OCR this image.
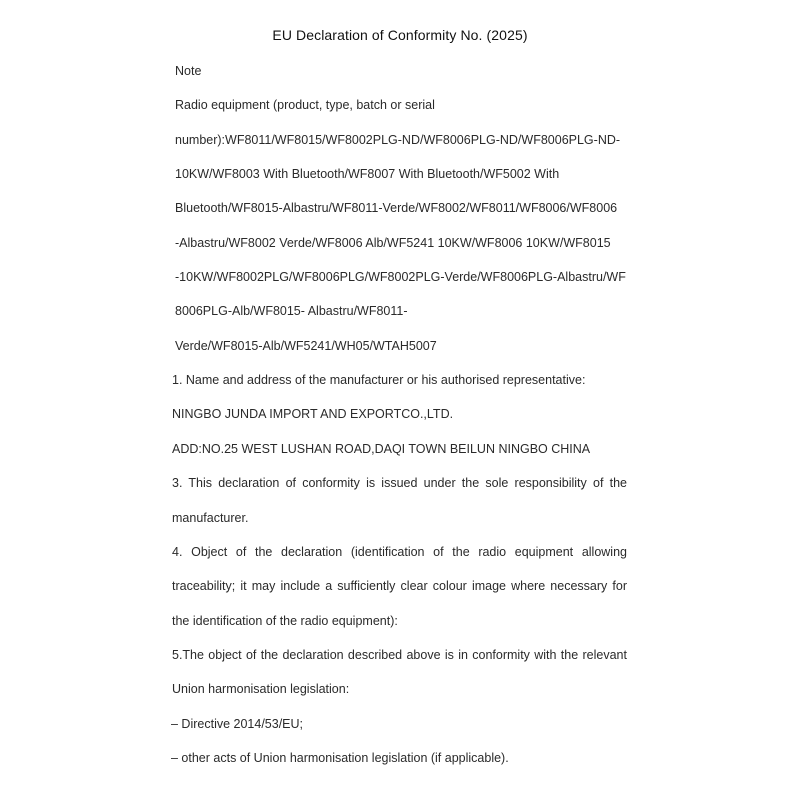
EU Declaration of Conformity No. (2025)
Note
Radio equipment (product, type, batch or serial
number):WF8011/WF8015/WF8002PLG-ND/WF8006PLG-ND/WF8006PLG-ND-
10KW/WF8003 With Bluetooth/WF8007 With Bluetooth/WF5002 With
Bluetooth/WF8015-Albastru/WF8011-Verde/WF8002/WF8011/WF8006/WF8006
-Albastru/WF8002 Verde/WF8006 Alb/WF5241 10KW/WF8006 10KW/WF8015
-10KW/WF8002PLG/WF8006PLG/WF8002PLG-Verde/WF8006PLG-Albastru/WF
8006PLG-Alb/WF8015- Albastru/WF8011-
Verde/WF8015-Alb/WF5241/WH05/WTAH5007
1. Name and address of the manufacturer or his authorised representative:
NINGBO JUNDA IMPORT AND EXPORTCO.,LTD.
ADD:NO.25 WEST LUSHAN ROAD,DAQI TOWN BEILUN NINGBO CHINA
3. This declaration of conformity is issued under the sole responsibility of the
manufacturer.
4. Object of the declaration (identification of the radio equipment allowing
traceability; it may include a sufficiently clear colour image where necessary for
the identification of the radio equipment):
5.The object of the declaration described above is in conformity with the relevant
Union harmonisation legislation:
– Directive 2014/53/EU;
– other acts of Union harmonisation legislation (if applicable).
